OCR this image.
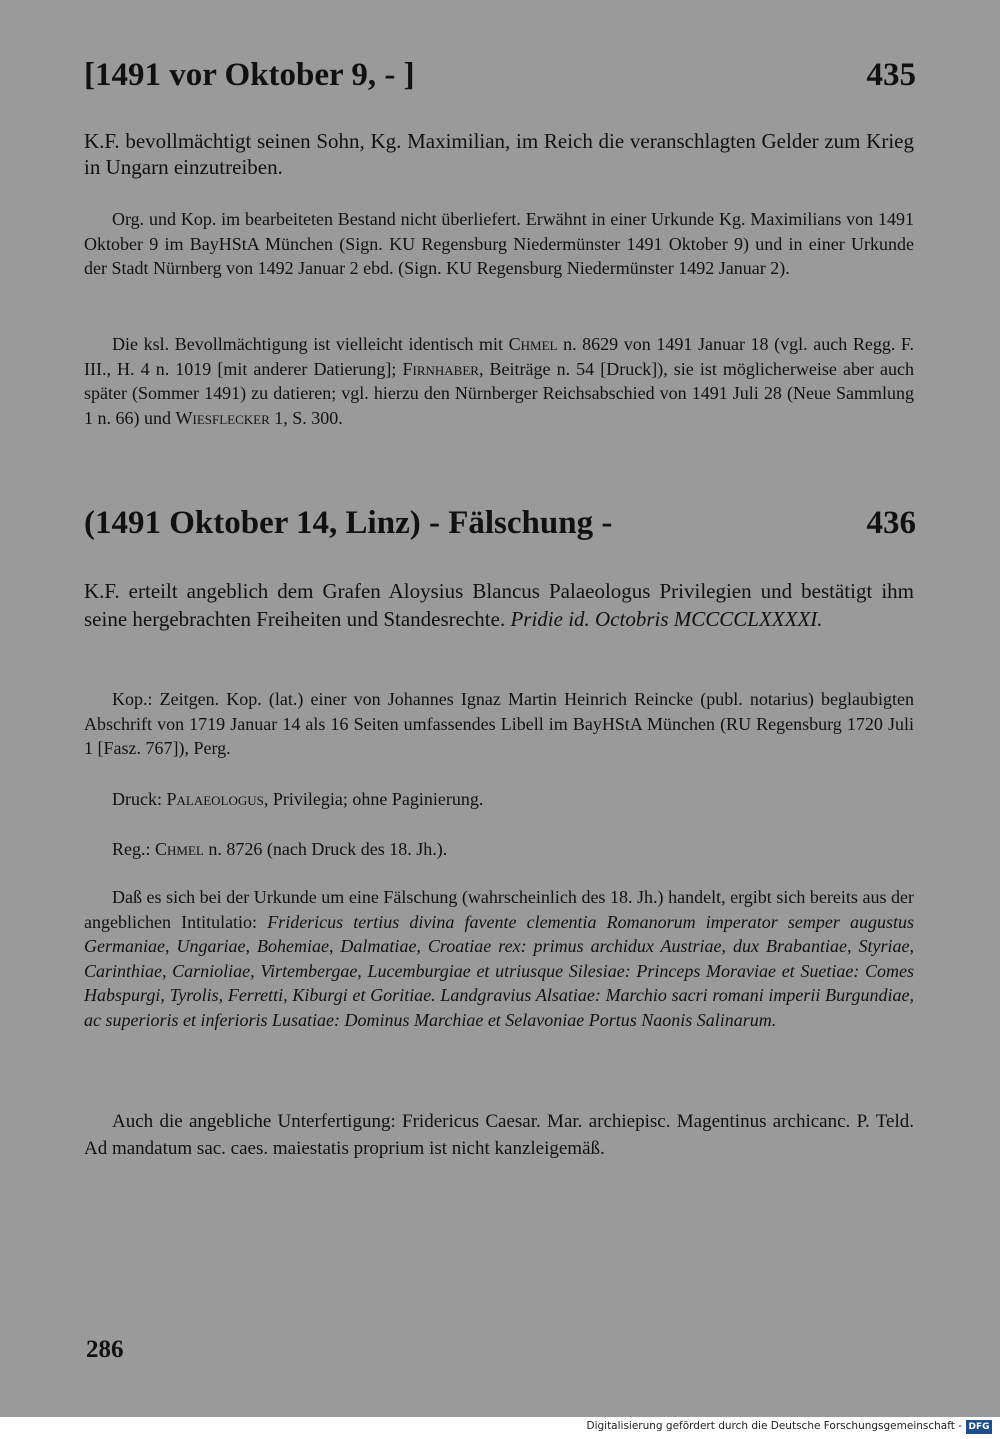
[1491 vor Oktober 9, - ]	435
K.F. bevollmächtigt seinen Sohn, Kg. Maximilian, im Reich die veranschlagten Gelder zum Krieg in Ungarn einzutreiben.
Org. und Kop. im bearbeiteten Bestand nicht überliefert. Erwähnt in einer Urkunde Kg. Maximilians von 1491 Oktober 9 im BayHStA München (Sign. KU Regensburg Niedermünster 1491 Oktober 9) und in einer Urkunde der Stadt Nürnberg von 1492 Januar 2 ebd. (Sign. KU Regensburg Niedermünster 1492 Januar 2).
Die ksl. Bevollmächtigung ist vielleicht identisch mit Chmel n. 8629 von 1491 Januar 18 (vgl. auch Regg. F. III., H. 4 n. 1019 [mit anderer Datierung]; Firnhaber, Beiträge n. 54 [Druck]), sie ist möglicherweise aber auch später (Sommer 1491) zu datieren; vgl. hierzu den Nürnberger Reichsabschied von 1491 Juli 28 (Neue Sammlung 1 n. 66) und Wiesflecker 1, S. 300.
(1491 Oktober 14, Linz) - Fälschung -	436
K.F. erteilt angeblich dem Grafen Aloysius Blancus Palaeologus Privilegien und bestätigt ihm seine hergebrachten Freiheiten und Standesrechte. Pridie id. Octobris MCCCCLXXXXI.
Kop.: Zeitgen. Kop. (lat.) einer von Johannes Ignaz Martin Heinrich Reincke (publ. notarius) beglaubigten Abschrift von 1719 Januar 14 als 16 Seiten umfassendes Libell im BayHStA München (RU Regensburg 1720 Juli 1 [Fasz. 767]), Perg.
Druck: Palaeologus, Privilegia; ohne Paginierung.
Reg.: Chmel n. 8726 (nach Druck des 18. Jh.).
Daß es sich bei der Urkunde um eine Fälschung (wahrscheinlich des 18. Jh.) handelt, ergibt sich bereits aus der angeblichen Intitulatio: Fridericus tertius divina favente clementia Romanorum imperator semper augustus Germaniae, Ungariae, Bohemiae, Dalmatiae, Croatiae rex: primus archidux Austriae, dux Brabantiae, Styriae, Carinthiae, Carnioliae, Virtembergae, Lucemburgiae et utriusque Silesiae: Princeps Moraviae et Suetiae: Comes Habspurgi, Tyrolis, Ferretti, Kiburgi et Goritiae. Landgravius Alsatiae: Marchio sacri romani imperii Burgundiae, ac superioris et inferioris Lusatiae: Dominus Marchiae et Selavoniae Portus Naonis Salinarum.
Auch die angebliche Unterfertigung: Fridericus Caesar. Mar. archiepisc. Magentinus archicanc. P. Teld. Ad mandatum sac. caes. maiestatis proprium ist nicht kanzleigemäß.
286
Digitalisierung gefördert durch die Deutsche Forschungsgemeinschaft - DFG
